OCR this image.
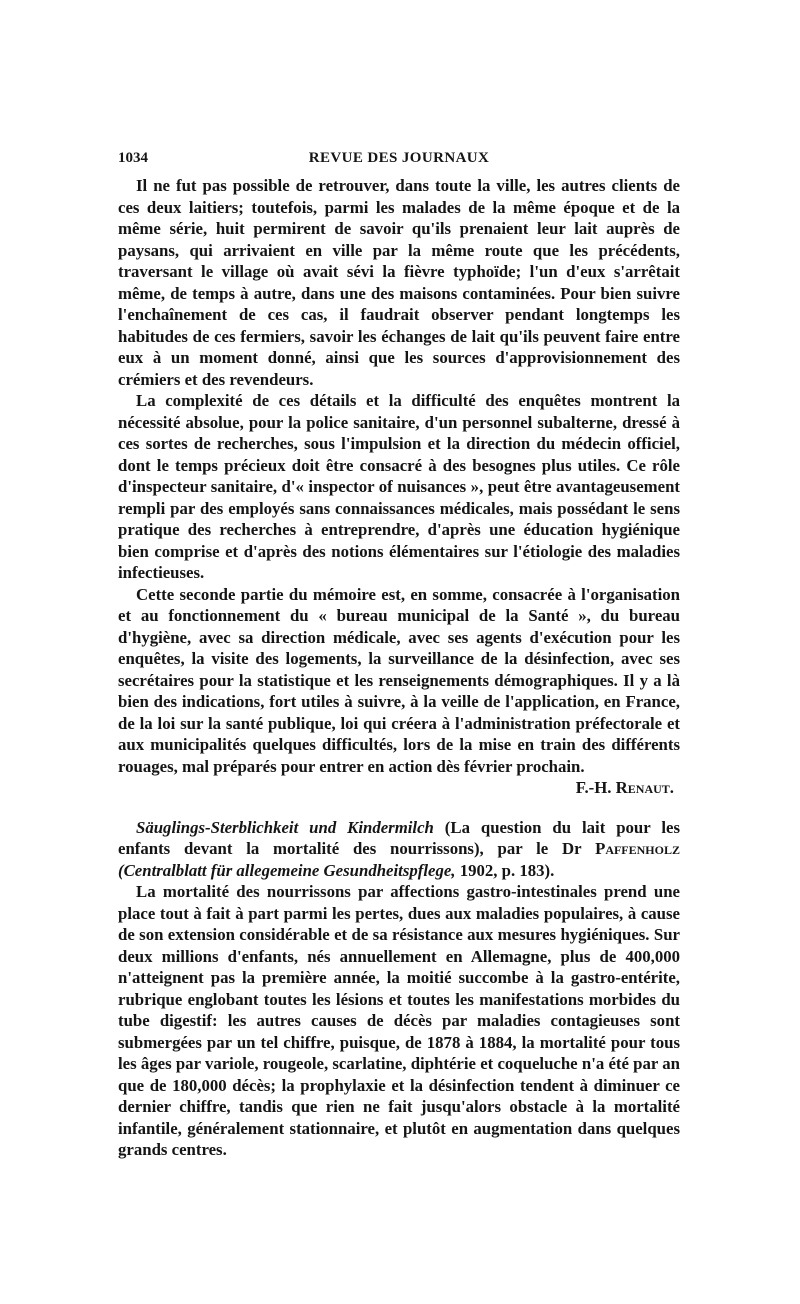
1034	REVUE DES JOURNAUX

Il ne fut pas possible de retrouver, dans toute la ville, les autres clients de ces deux laitiers; toutefois, parmi les malades de la même époque et de la même série, huit permirent de savoir qu'ils prenaient leur lait auprès de paysans, qui arrivaient en ville par la même route que les précédents, traversant le village où avait sévi la fièvre typhoïde; l'un d'eux s'arrêtait même, de temps à autre, dans une des maisons contaminées. Pour bien suivre l'enchaînement de ces cas, il faudrait observer pendant longtemps les habitudes de ces fermiers, savoir les échanges de lait qu'ils peuvent faire entre eux à un moment donné, ainsi que les sources d'approvisionnement des crémiers et des revendeurs.

La complexité de ces détails et la difficulté des enquêtes montrent la nécessité absolue, pour la police sanitaire, d'un personnel subalterne, dressé à ces sortes de recherches, sous l'impulsion et la direction du médecin officiel, dont le temps précieux doit être consacré à des besognes plus utiles. Ce rôle d'inspecteur sanitaire, d'« inspector of nuisances », peut être avantageusement rempli par des employés sans connaissances médicales, mais possédant le sens pratique des recherches à entreprendre, d'après une éducation hygiénique bien comprise et d'après des notions élémentaires sur l'étiologie des maladies infectieuses.

Cette seconde partie du mémoire est, en somme, consacrée à l'organisation et au fonctionnement du « bureau municipal de la Santé », du bureau d'hygiène, avec sa direction médicale, avec ses agents d'exécution pour les enquêtes, la visite des logements, la surveillance de la désinfection, avec ses secrétaires pour la statistique et les renseignements démographiques. Il y a là bien des indications, fort utiles à suivre, à la veille de l'application, en France, de la loi sur la santé publique, loi qui créera à l'administration préfectorale et aux municipalités quelques difficultés, lors de la mise en train des différents rouages, mal préparés pour entrer en action dès février prochain.
F.-H. Renaut.

Säuglings-Sterblichkeit und Kindermilch (La question du lait pour les enfants devant la mortalité des nourrissons), par le Dr Paffenholz (Centralblatt für allegemeine Gesundheitspflege, 1902, p. 183).

La mortalité des nourrissons par affections gastro-intestinales prend une place tout à fait à part parmi les pertes, dues aux maladies populaires, à cause de son extension considérable et de sa résistance aux mesures hygiéniques. Sur deux millions d'enfants, nés annuellement en Allemagne, plus de 400,000 n'atteignent pas la première année, la moitié succombe à la gastro-entérite, rubrique englobant toutes les lésions et toutes les manifestations morbides du tube digestif: les autres causes de décès par maladies contagieuses sont submergées par un tel chiffre, puisque, de 1878 à 1884, la mortalité pour tous les âges par variole, rougeole, scarlatine, diphtérie et coqueluche n'a été par an que de 180,000 décès; la prophylaxie et la désinfection tendent à diminuer ce dernier chiffre, tandis que rien ne fait jusqu'alors obstacle à la mortalité infantile, généralement stationnaire, et plutôt en augmentation dans quelques grands centres.
